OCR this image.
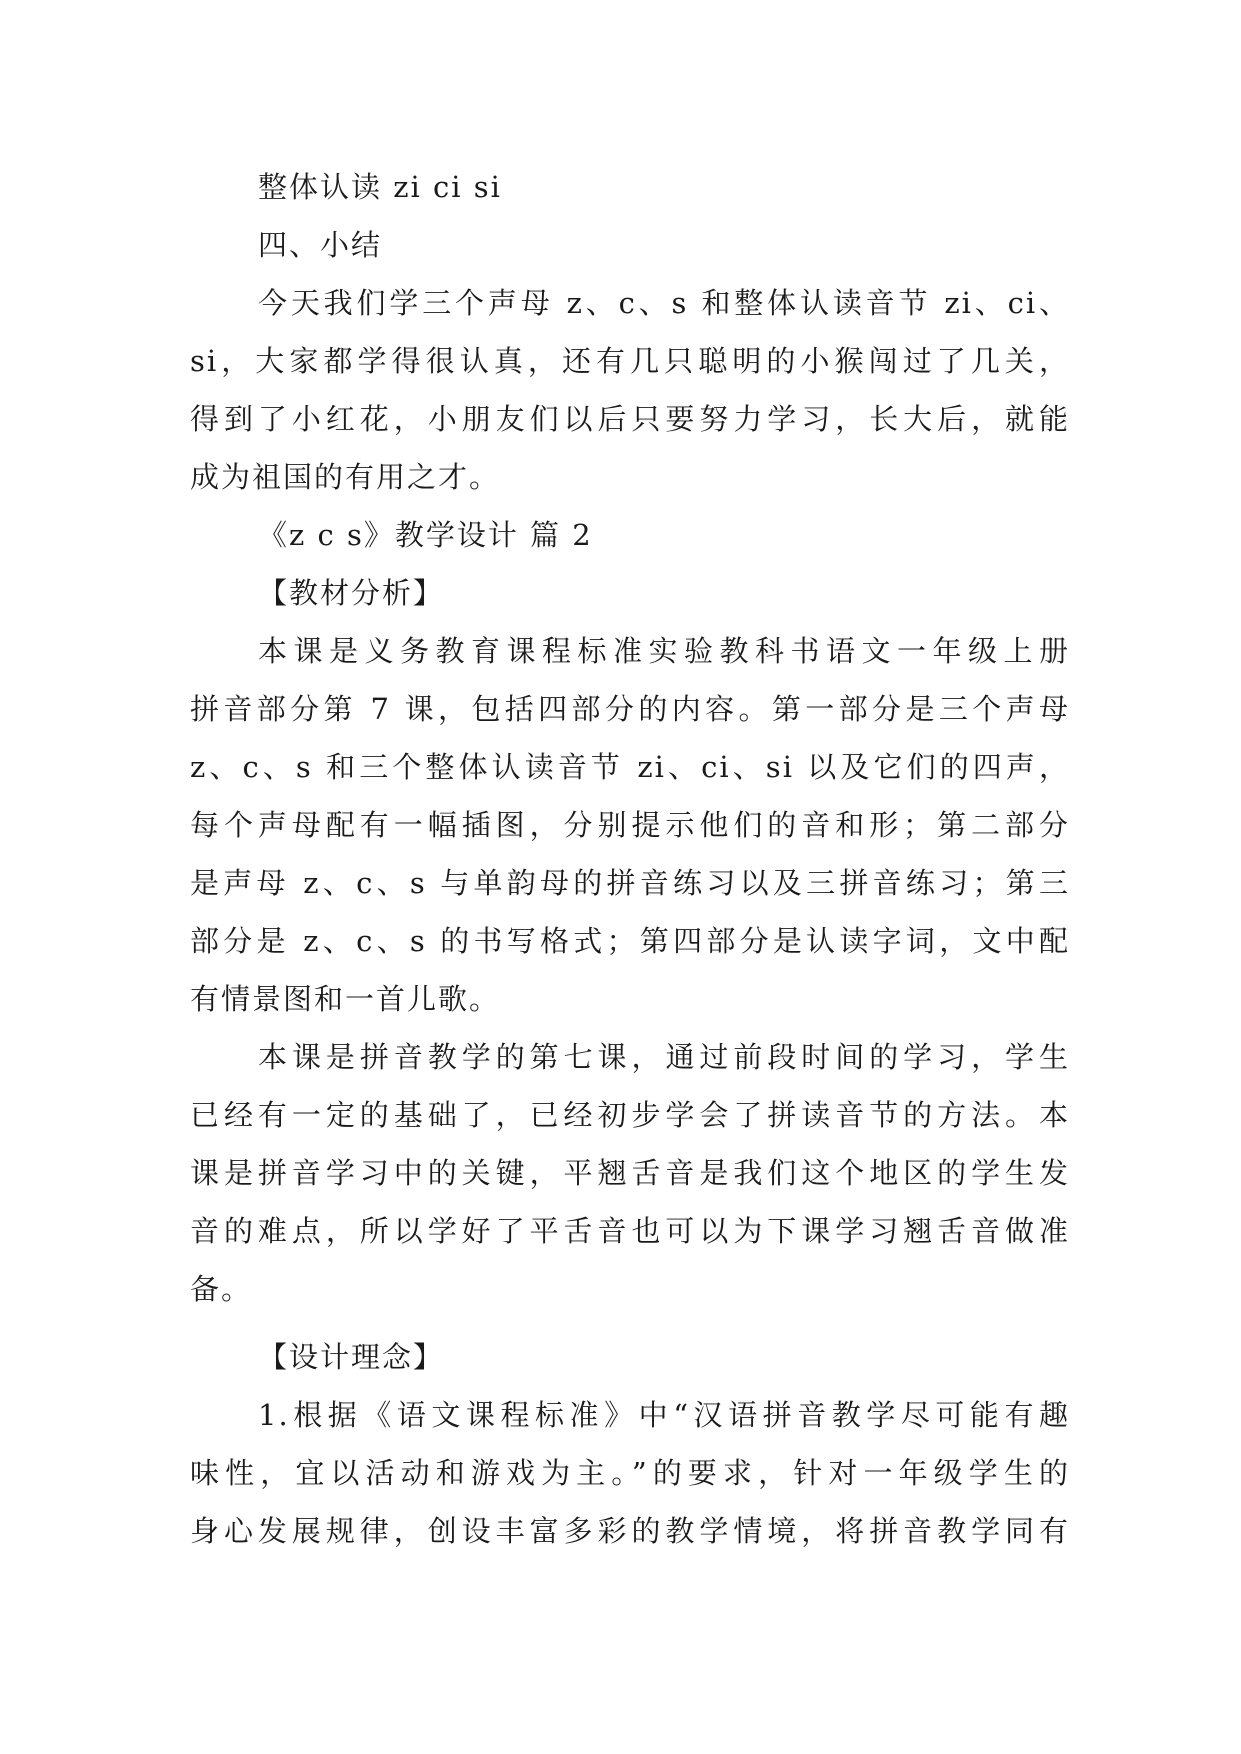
整体认读 zi ci si
四、小结
今天我们学三个声母 z、c、s 和整体认读音节 zi、ci、
si，大家都学得很认真，还有几只聪明的小猴闯过了几关，
得到了小红花，小朋友们以后只要努力学习，长大后，就能
成为祖国的有用之才。
《z c s》教学设计 篇 2
【教材分析】
本课是义务教育课程标准实验教科书语文一年级上册
拼音部分第 7 课，包括四部分的内容。第一部分是三个声母
z、c、s 和三个整体认读音节 zi、ci、si 以及它们的四声，
每个声母配有一幅插图，分别提示他们的音和形；第二部分
是声母 z、c、s 与单韵母的拼音练习以及三拼音练习；第三
部分是 z、c、s 的书写格式；第四部分是认读字词，文中配
有情景图和一首儿歌。
本课是拼音教学的第七课，通过前段时间的学习，学生
已经有一定的基础了，已经初步学会了拼读音节的方法。本
课是拼音学习中的关键，平翘舌音是我们这个地区的学生发
音的难点，所以学好了平舌音也可以为下课学习翘舌音做准
备。
【设计理念】
1.根据《语文课程标准》中“汉语拼音教学尽可能有趣
味性，宜以活动和游戏为主。”的要求，针对一年级学生的
身心发展规律，创设丰富多彩的教学情境，将拼音教学同有
